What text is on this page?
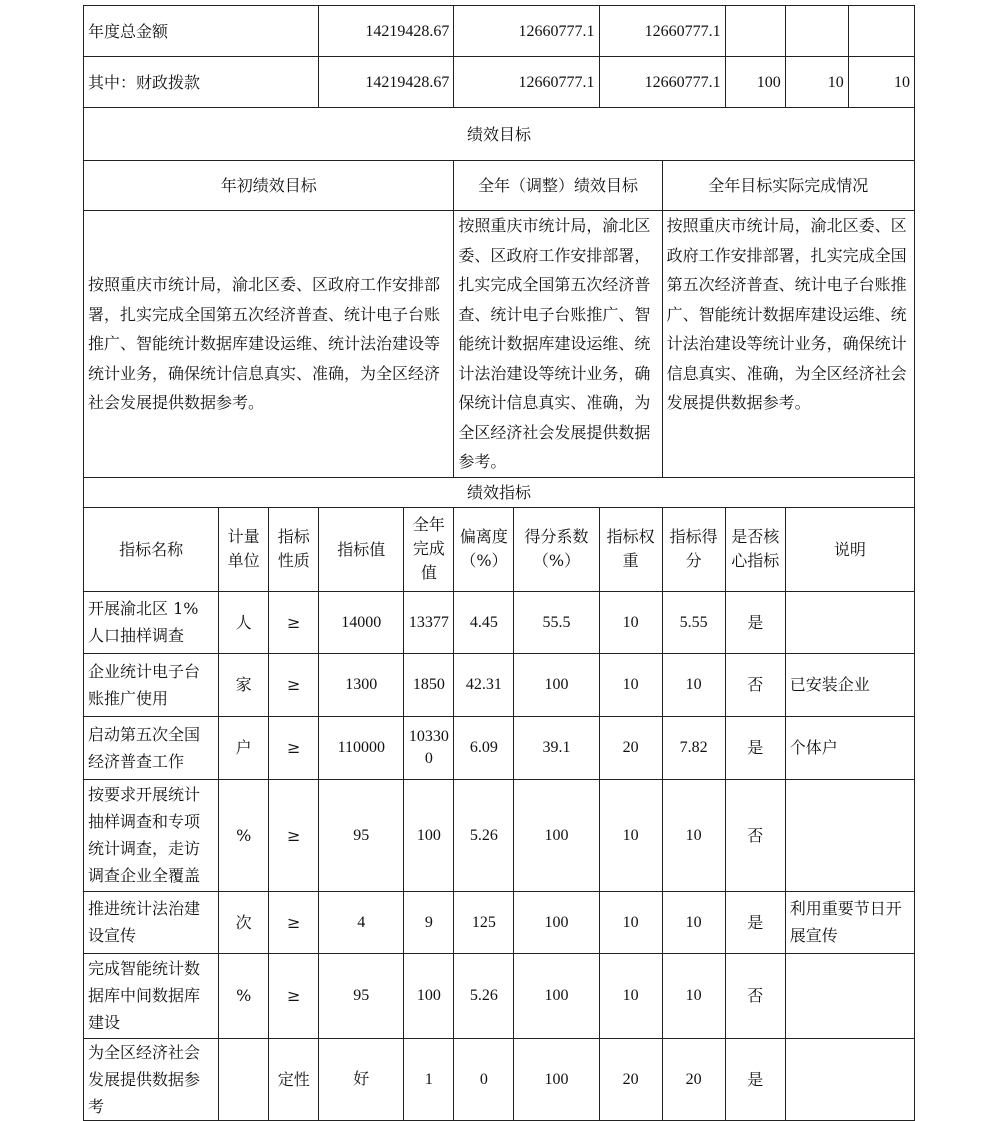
年度总金额			14219428.67		12660777.1		12660777.1				
其中：财政拨款			14219428.67		12660777.1		12660777.1		100	10	10
绩效目标											
年初绩效目标					全年（调整）绩效目标			全年目标实际完成情况			
按照重庆市统计局，渝北区委、区政府工作安排部署，扎实完成全国第五次经济普查、统计电子台账推广、智能统计数据库建设运维、统计法治建设等统计业务，确保统计信息真实、准确，为全区经济社会发展提供数据参考。					按照重庆市统计局，渝北区委、区政府工作安排部署，扎实完成全国第五次经济普查、统计电子台账推广、智能统计数据库建设运维、统计法治建设等统计业务，确保统计信息真实、准确，为全区经济社会发展提供数据参考。			按照重庆市统计局，渝北区委、区政府工作安排部署，扎实完成全国第五次经济普查、统计电子台账推广、智能统计数据库建设运维、统计法治建设等统计业务，确保统计信息真实、准确，为全区经济社会发展提供数据参考。			
绩效指标											
指标名称	计量单位	指标性质	指标值	全年完成值	偏离度（%）	得分系数（%）	指标权重	指标得分	是否核心指标	说明	
开展渝北区 1%人口抽样调查	人	≥	14000	13377	4.45	55.5	10	5.55	是		
企业统计电子台账推广使用	家	≥	1300	1850	42.31	100	10	10	否	已安装企业	
启动第五次全国经济普查工作	户	≥	110000	103300	6.09	39.1	20	7.82	是	个体户	
按要求开展统计抽样调查和专项统计调查，走访调查企业全覆盖	%	≥	95	100	5.26	100	10	10	否		
推进统计法治建设宣传	次	≥	4	9	125	100	10	10	是	利用重要节日开展宣传	
完成智能统计数据库中间数据库建设	%	≥	95	100	5.26	100	10	10	否		
为全区经济社会发展提供数据参考		定性	好	1	0	100	20	20	是		
